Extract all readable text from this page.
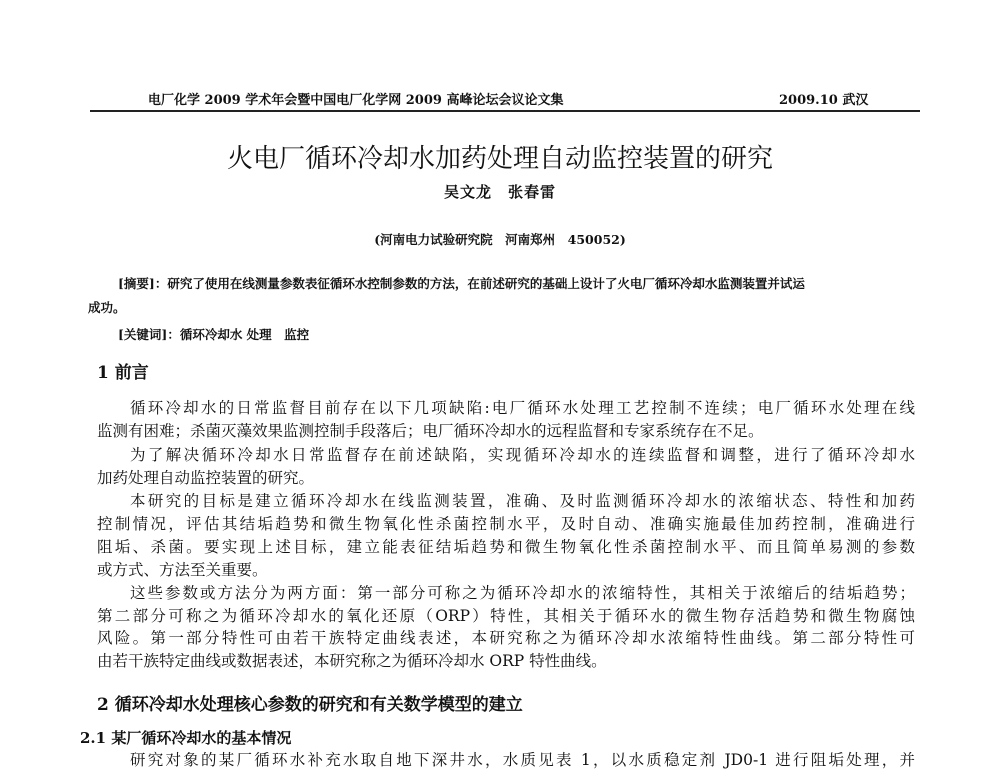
电厂化学 2009 学术年会暨中国电厂化学网 2009 高峰论坛会议论文集	2009.10 武汉
火电厂循环冷却水加药处理自动监控装置的研究
吴文龙　张春雷
(河南电力试验研究院　河南郑州　450052)
[摘要]：研究了使用在线测量参数表征循环水控制参数的方法，在前述研究的基础上设计了火电厂循环冷却水监测装置并试运
成功。
[关键词]：循环冷却水 处理　监控
1 前言
循环冷却水的日常监督目前存在以下几项缺陷:电厂循环水处理工艺控制不连续；电厂循环水处理在线
监测有困难；杀菌灭藻效果监测控制手段落后；电厂循环冷却水的远程监督和专家系统存在不足。
为了解决循环冷却水日常监督存在前述缺陷，实现循环冷却水的连续监督和调整，进行了循环冷却水
加药处理自动监控装置的研究。
本研究的目标是建立循环冷却水在线监测装置，准确、及时监测循环冷却水的浓缩状态、特性和加药
控制情况，评估其结垢趋势和微生物氧化性杀菌控制水平，及时自动、准确实施最佳加药控制，准确进行
阻垢、杀菌。要实现上述目标，建立能表征结垢趋势和微生物氧化性杀菌控制水平、而且简单易测的参数
或方式、方法至关重要。
这些参数或方法分为两方面：第一部分可称之为循环冷却水的浓缩特性，其相关于浓缩后的结垢趋势；
第二部分可称之为循环冷却水的氧化还原（ORP）特性，其相关于循环水的微生物存活趋势和微生物腐蚀
风险。第一部分特性可由若干族特定曲线表述，本研究称之为循环冷却水浓缩特性曲线。第二部分特性可
由若干族特定曲线或数据表述，本研究称之为循环冷却水 ORP 特性曲线。
2 循环冷却水处理核心参数的研究和有关数学模型的建立
2.1 某厂循环冷却水的基本情况
研究对象的某厂循环水补充水取自地下深井水，水质见表 1，以水质稳定剂 JD0-1 进行阻垢处理，并
